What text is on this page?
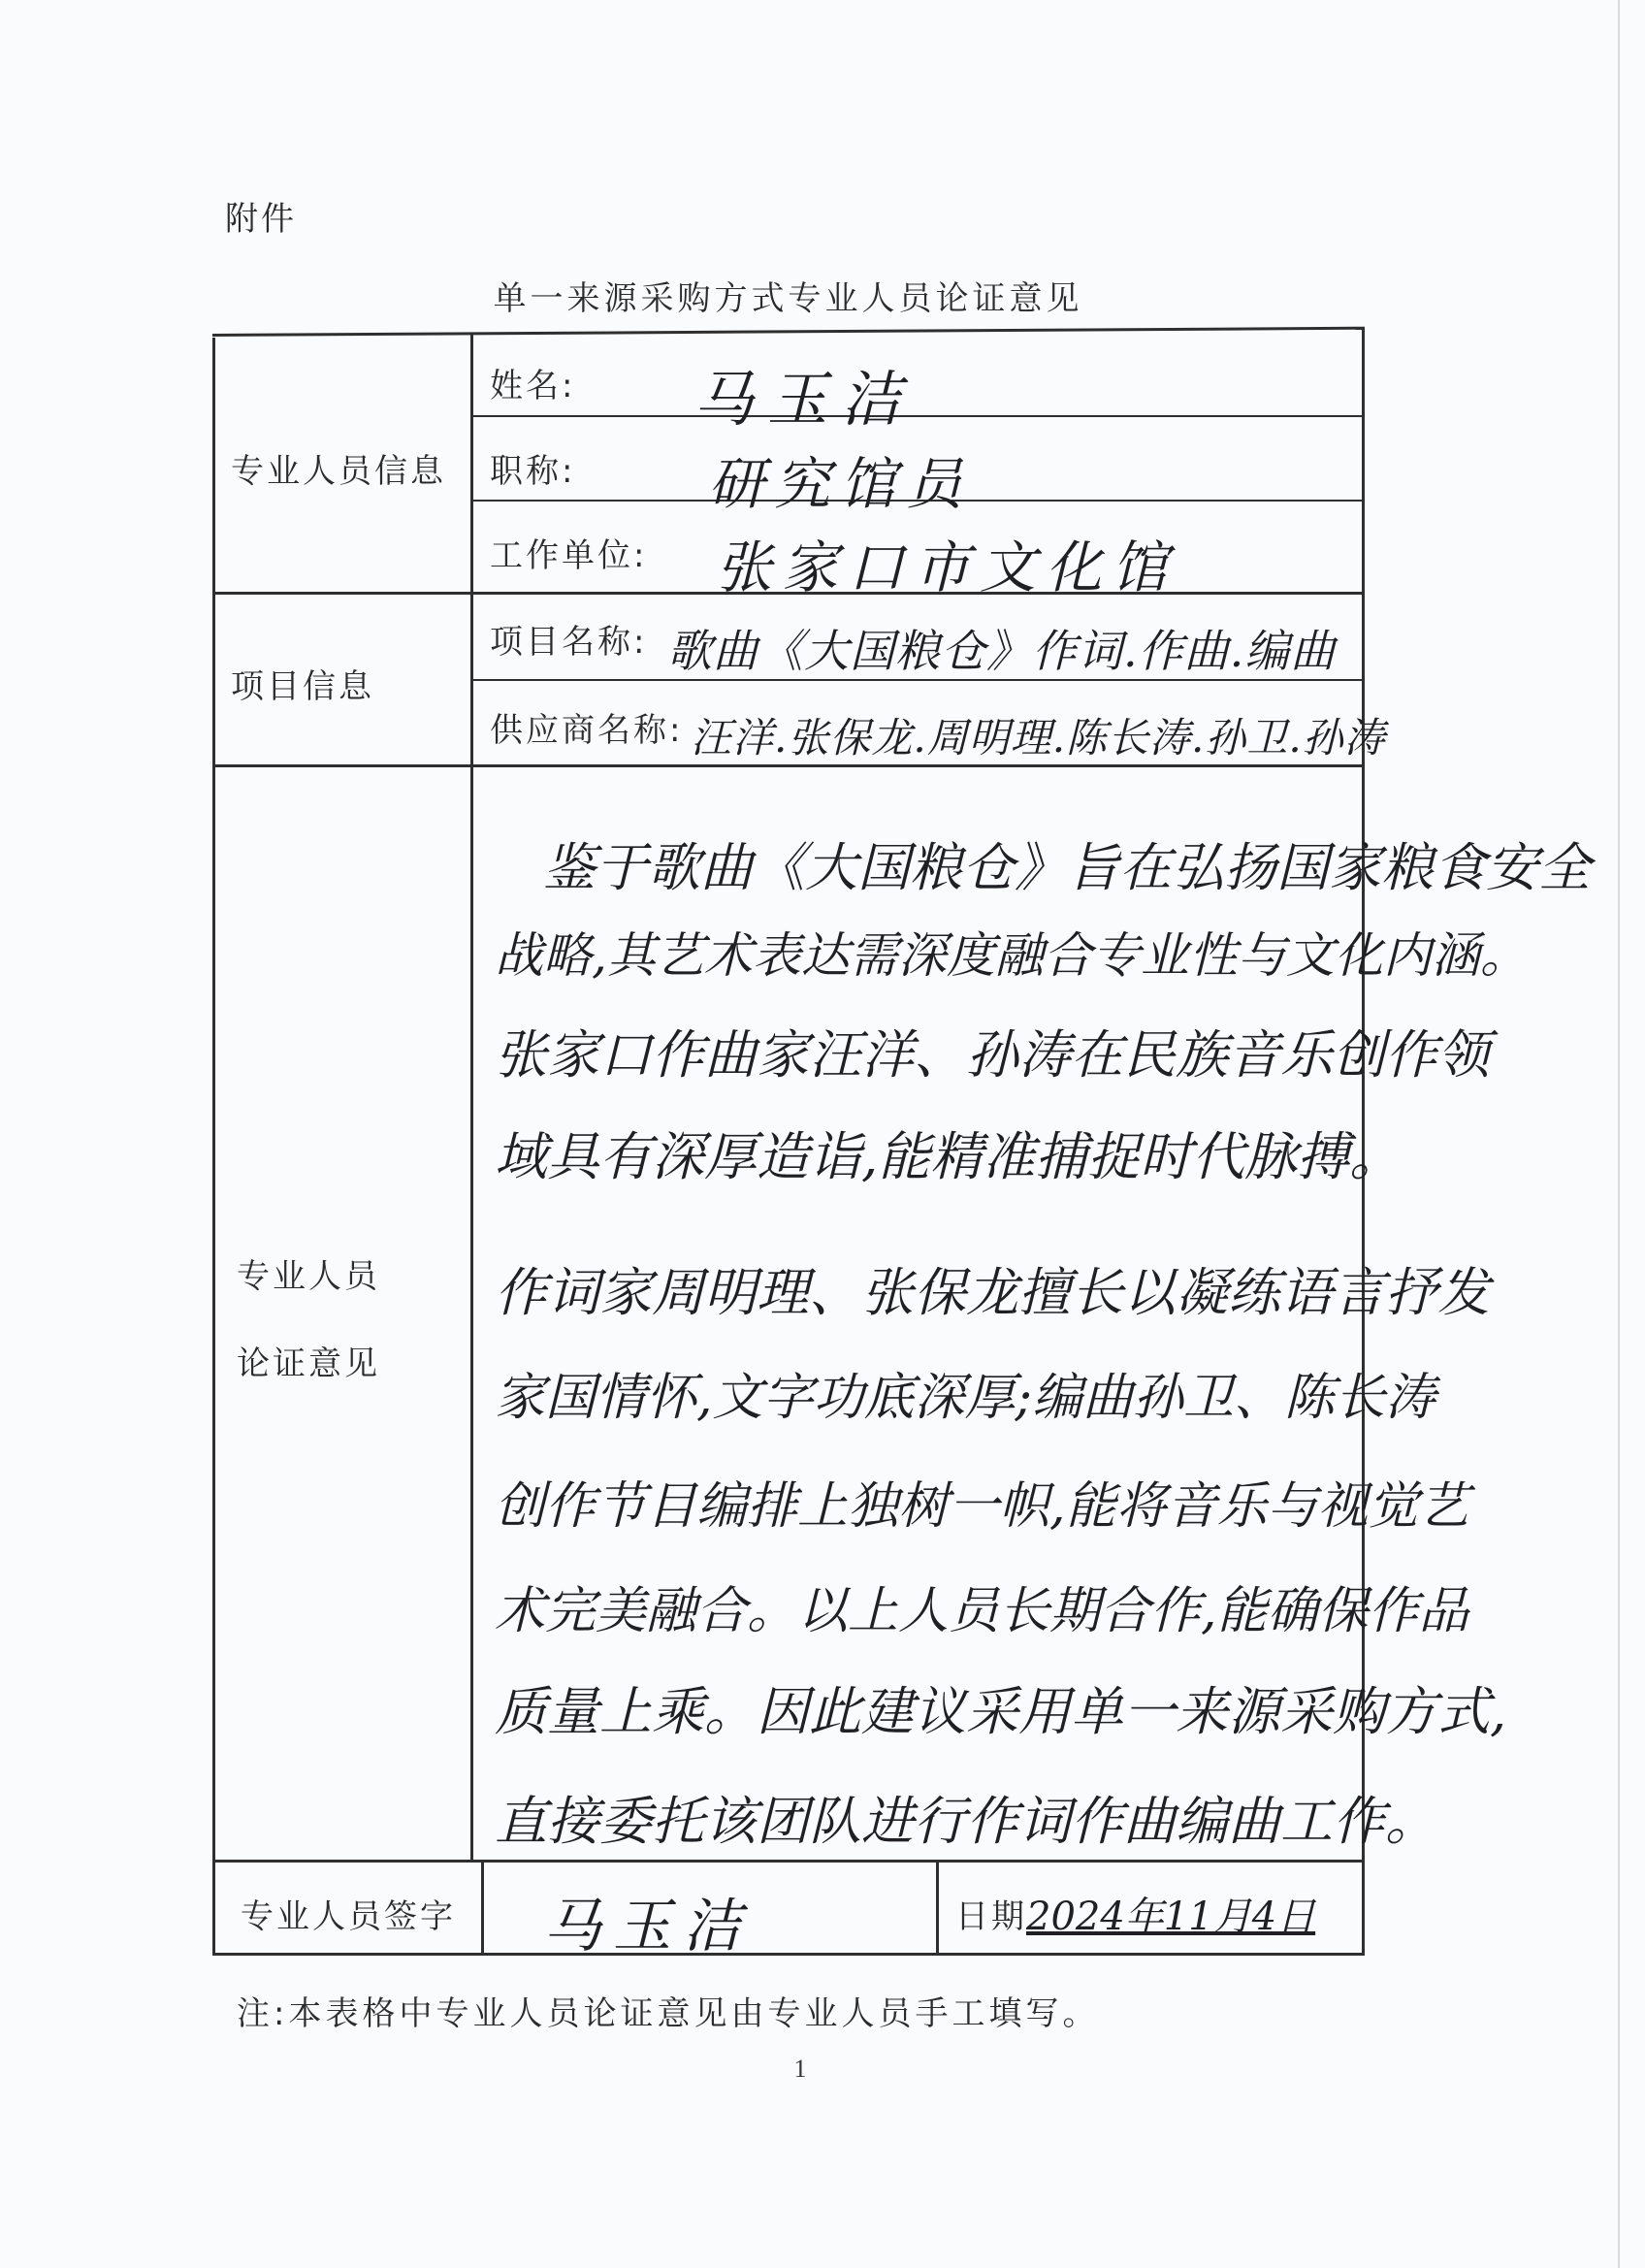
附件
单一来源采购方式专业人员论证意见
专业人员信息
项目信息
专业人员
论证意见
专业人员签字
姓名: 马玉洁
职称: 研究馆员
工作单位: 张家口市文化馆
项目名称: 歌曲《大国粮仓》作词.作曲.编曲
供应商名称: 汪洋.张保龙.周明理.陈长涛.孙卫.孙涛
鉴于歌曲《大国粮仓》旨在弘扬国家粮食安全
战略,其艺术表达需深度融合专业性与文化内涵。
张家口作曲家汪洋、孙涛在民族音乐创作领
域具有深厚造诣,能精准捕捉时代脉搏。
作词家周明理、张保龙擅长以凝练语言抒发
家国情怀,文字功底深厚;编曲孙卫、陈长涛
创作节目编排上独树一帜,能将音乐与视觉艺
术完美融合。以上人员长期合作,能确保作品
质量上乘。因此建议采用单一来源采购方式,
直接委托该团队进行作词作曲编曲工作。
马玉洁	日期 2024年11月4日
注:本表格中专业人员论证意见由专业人员手工填写。
1
